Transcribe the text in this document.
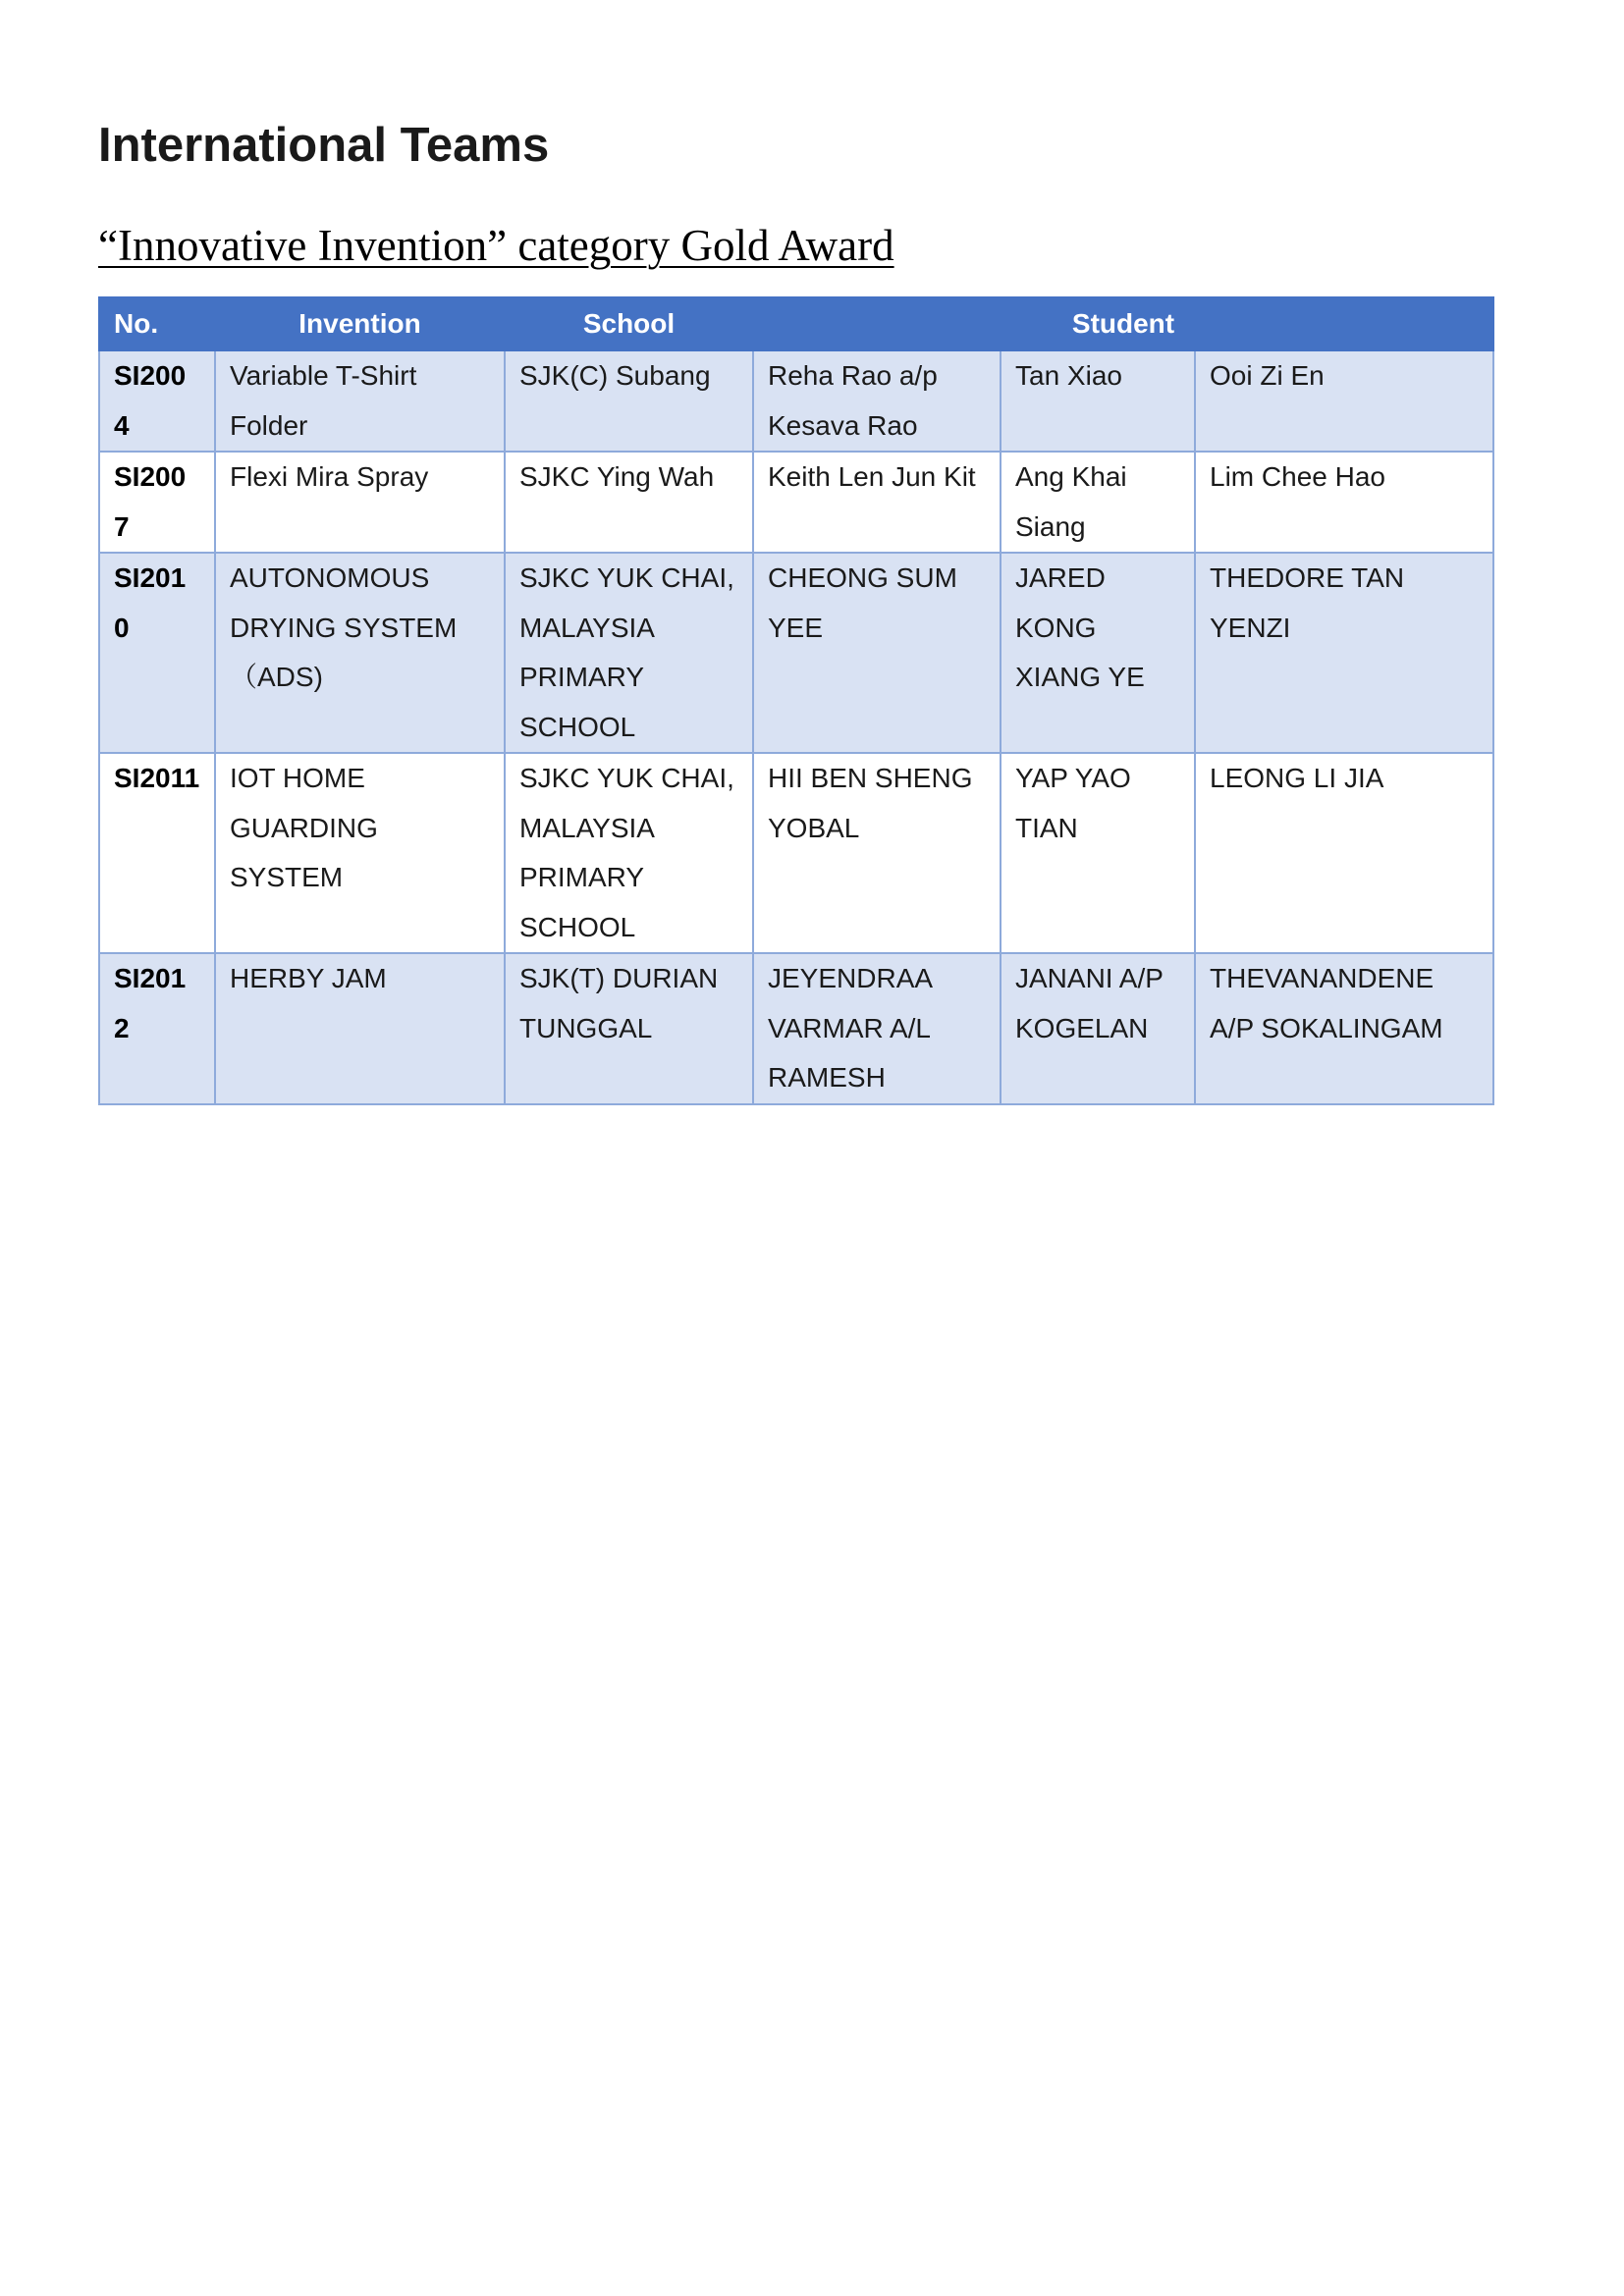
International Teams
“Innovative Invention” category Gold Award
No.	Invention	School	Student		
SI2004	Variable T-Shirt Folder	SJK(C) Subang	Reha Rao a/p Kesava Rao	Tan Xiao	Ooi Zi En
SI2007	Flexi Mira Spray	SJKC Ying Wah	Keith Len Jun Kit	Ang Khai Siang	Lim Chee Hao
SI2010	AUTONOMOUS DRYING SYSTEM （ADS)	SJKC YUK CHAI, MALAYSIA PRIMARY SCHOOL	CHEONG SUM YEE	JARED KONG XIANG YE	THEDORE TAN YENZI
SI2011	IOT HOME GUARDING SYSTEM	SJKC YUK CHAI, MALAYSIA PRIMARY SCHOOL	HII BEN SHENG YOBAL	YAP YAO TIAN	LEONG LI JIA
SI2012	HERBY JAM	SJK(T) DURIAN TUNGGAL	JEYENDRAA VARMAR A/L RAMESH	JANANI A/P KOGELAN	THEVANANDENE A/P SOKALINGAM
